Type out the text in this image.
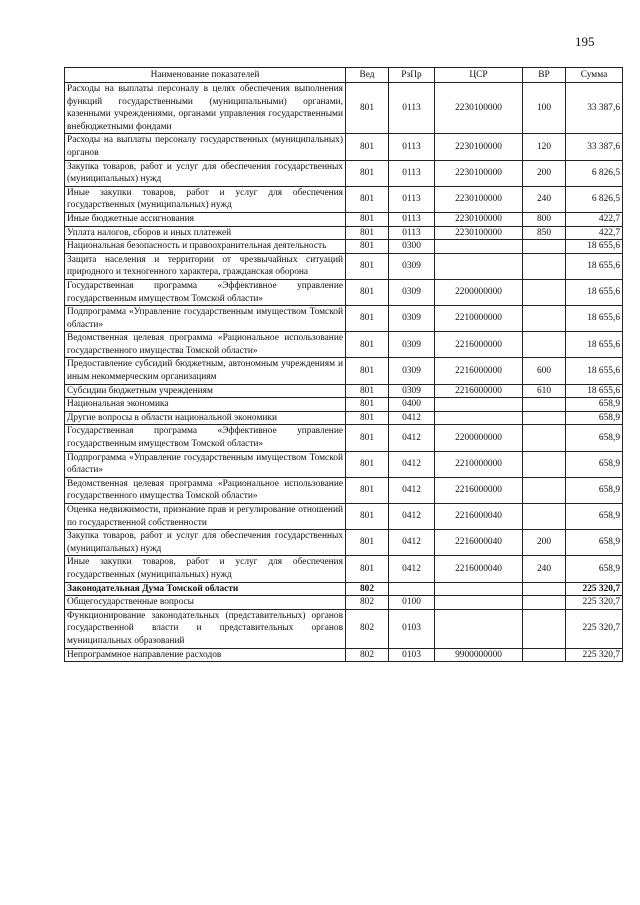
195
Наименование показателей	Вед	РзПр	ЦСР	ВР	Сумма
Расходы на выплаты персоналу в целях обеспечения выполнения функций государственными (муниципальными) органами, казенными учреждениями, органами управления государственными внебюджетными фондами	801	0113	2230100000	100	33 387,6
Расходы на выплаты персоналу государственных (муниципальных) органов	801	0113	2230100000	120	33 387,6
Закупка товаров, работ и услуг для обеспечения государственных (муниципальных) нужд	801	0113	2230100000	200	6 826,5
Иные закупки товаров, работ и услуг для обеспечения государственных (муниципальных) нужд	801	0113	2230100000	240	6 826,5
Иные бюджетные ассигнования	801	0113	2230100000	800	422,7
Уплата налогов, сборов и иных платежей	801	0113	2230100000	850	422,7
Национальная безопасность и правоохранительная деятельность	801	0300			18 655,6
Защита населения и территории от чрезвычайных ситуаций природного и техногенного характера, гражданская оборона	801	0309			18 655,6
Государственная программа «Эффективное управление государственным имуществом Томской области»	801	0309	2200000000		18 655,6
Подпрограмма «Управление государственным имуществом Томской области»	801	0309	2210000000		18 655,6
Ведомственная целевая программа «Рациональное использование государственного имущества Томской области»	801	0309	2216000000		18 655,6
Предоставление субсидий бюджетным, автономным учреждениям и иным некоммерческим организациям	801	0309	2216000000	600	18 655,6
Субсидии бюджетным учреждениям	801	0309	2216000000	610	18 655,6
Национальная экономика	801	0400			658,9
Другие вопросы в области национальной экономики	801	0412			658,9
Государственная программа «Эффективное управление государственным имуществом Томской области»	801	0412	2200000000		658,9
Подпрограмма «Управление государственным имуществом Томской области»	801	0412	2210000000		658,9
Ведомственная целевая программа «Рациональное использование государственного имущества Томской области»	801	0412	2216000000		658,9
Оценка недвижимости, признание прав и регулирование отношений по государственной собственности	801	0412	2216000040		658,9
Закупка товаров, работ и услуг для обеспечения государственных (муниципальных) нужд	801	0412	2216000040	200	658,9
Иные закупки товаров, работ и услуг для обеспечения государственных (муниципальных) нужд	801	0412	2216000040	240	658,9
Законодательная Дума Томской области	802				225 320,7
Общегосударственные вопросы	802	0100			225 320,7
Функционирование законодательных (представительных) органов государственной власти и представительных органов муниципальных образований	802	0103			225 320,7
Непрограммное направление расходов	802	0103	9900000000		225 320,7
